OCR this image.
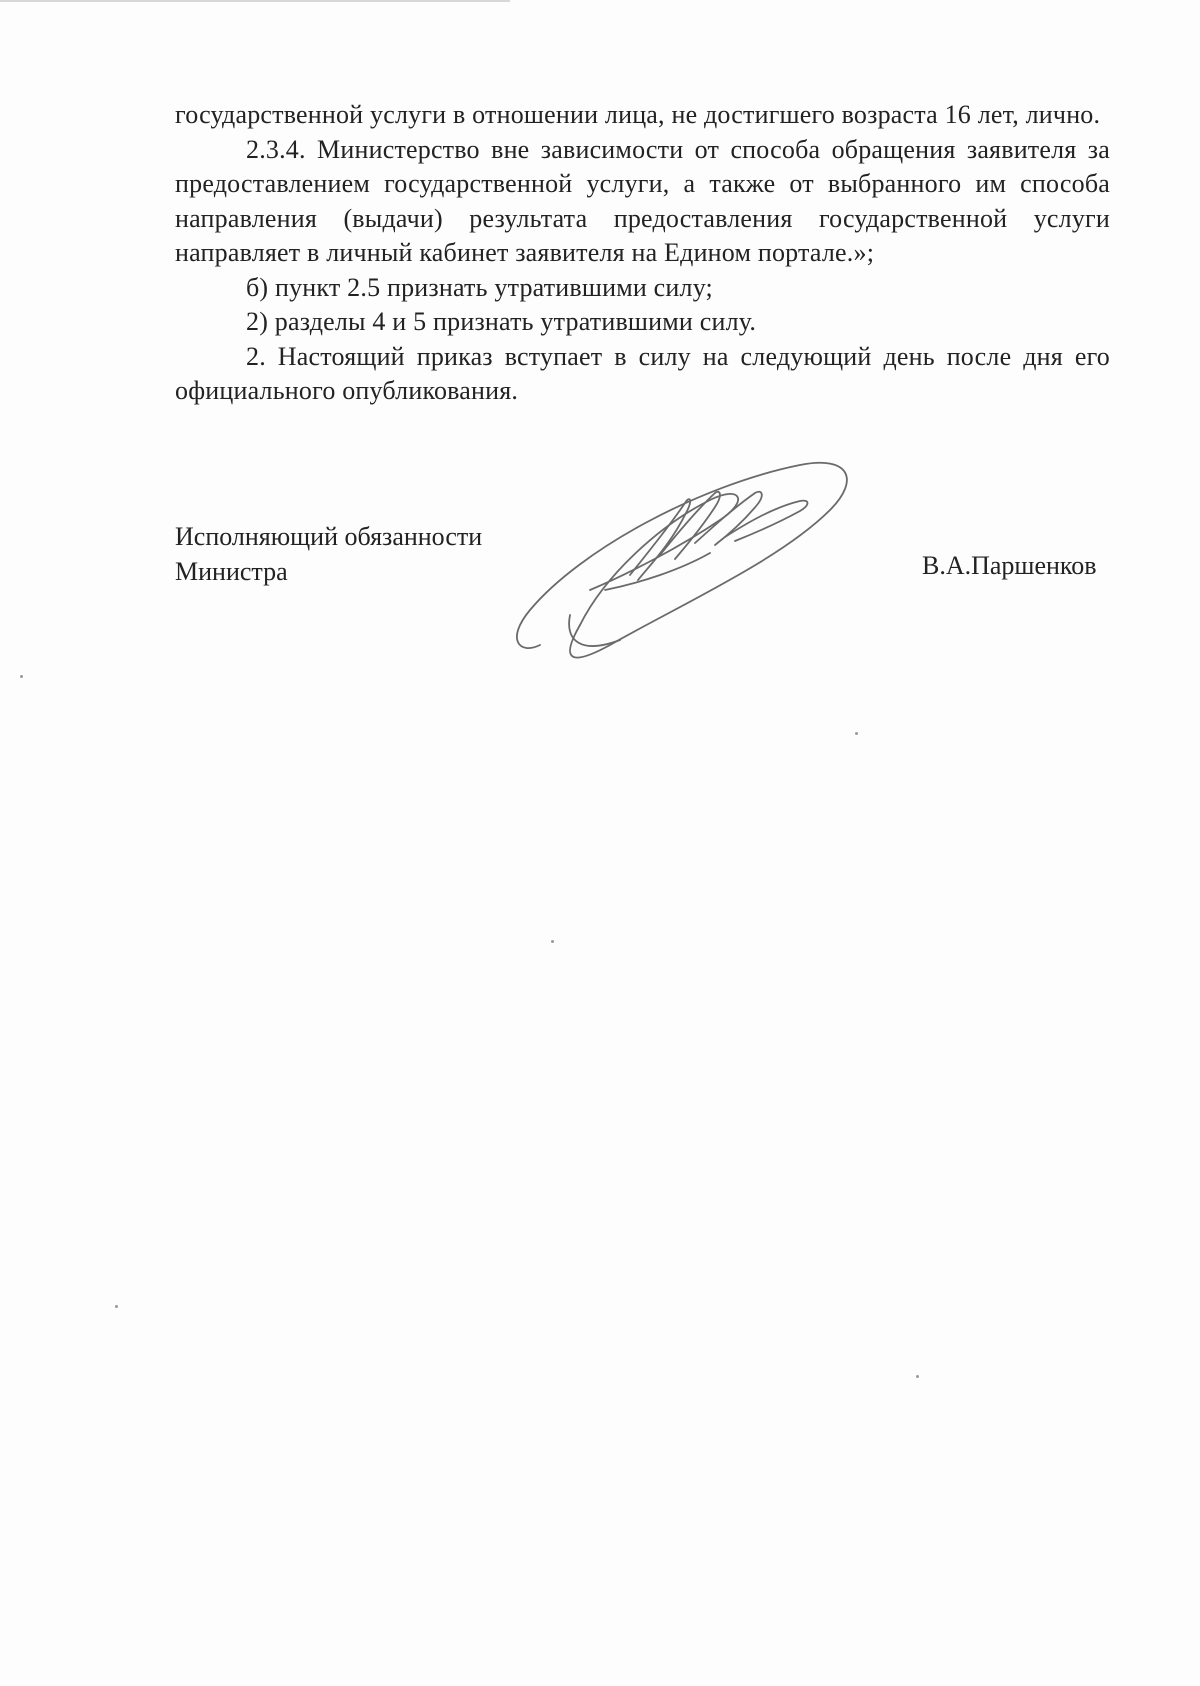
государственной услуги в отношении лица, не достигшего возраста 16 лет, лично.

2.3.4. Министерство вне зависимости от способа обращения заявителя за предоставлением государственной услуги, а также от выбранного им способа направления (выдачи) результата предоставления государственной услуги направляет в личный кабинет заявителя на Едином портале.»;

б) пункт 2.5 признать утратившими силу;

2) разделы 4 и 5 признать утратившими силу.

2. Настоящий приказ вступает в силу на следующий день после дня его официального опубликования.

Исполняющий обязанности
Министра	В.А.Паршенков
